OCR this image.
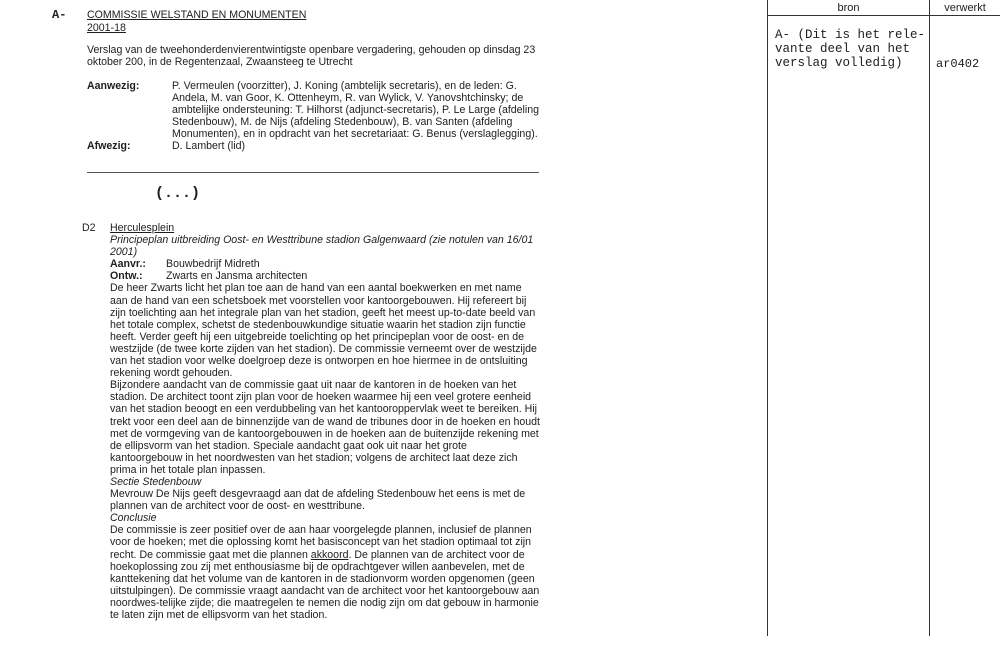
A- COMMISSIE WELSTAND EN MONUMENTEN
2001-18
Verslag van de tweehonderdenvierentwintigste openbare vergadering, gehouden op dinsdag 23 oktober 200, in de Regentenzaal, Zwaansteeg te Utrecht
Aanwezig:	P. Vermeulen (voorzitter), J. Koning (ambtelijk secretaris), en de leden: G. Andela, M. van Goor, K. Ottenheym, R. van Wylick, V. Yanovshtchinsky; de ambtelijke ondersteuning: T. Hilhorst (adjunct-secretaris), P. Le Large (afdeling Stedenbouw), M. de Nijs (afdeling Stedenbouw), B. van Santen (afdeling Monumenten), en in opdracht van het secretariaat: G. Benus (verslaglegging).
Afwezig:	D. Lambert (lid)
(...)
D2 Herculesplein
Principeplan uitbreiding Oost- en Westtribune stadion Galgenwaard (zie notulen van 16/01 2001)
Aanvr.:	Bouwbedrijf Midreth
Ontw.:	Zwarts en Jansma architecten

De heer Zwarts licht het plan toe aan de hand van een aantal boekwerken en met name aan de hand van een schetsboek met voorstellen voor kantoorgebouwen. Hij refereert bij zijn toelichting aan het integrale plan van het stadion, geeft het meest up-to-date beeld van het totale complex, schetst de stedenbouwkundige situatie waarin het stadion zijn functie heeft. Verder geeft hij een uitgebreide toelichting op het principeplan voor de oost- en de westzijde (de twee korte zijden van het stadion). De commissie verneemt over de westzijde van het stadion voor welke doelgroep deze is ontworpen en hoe hiermee in de ontsluiting rekening wordt gehouden.

Bijzondere aandacht van de commissie gaat uit naar de kantoren in de hoeken van het stadion. De architect toont zijn plan voor de hoeken waarmee hij een veel grotere eenheid van het stadion beoogt en een verdubbeling van het kantooroppervlak weet te bereiken. Hij trekt voor een deel aan de binnenzijde van de wand de tribunes door in de hoeken en houdt met de vormgeving van de kantoorgebouwen in de hoeken aan de buitenzijde rekening met de ellipsvorm van het stadion. Speciale aandacht gaat ook uit naar het grote kantoorgebouw in het noordwesten van het stadion; volgens de architect laat deze zich prima in het totale plan inpassen.

Sectie Stedenbouw

Mevrouw De Nijs geeft desgevraagd aan dat de afdeling Stedenbouw het eens is met de plannen van de architect voor de oost- en westtribune.

Conclusie

De commissie is zeer positief over de aan haar voorgelegde plannen, inclusief de plannen voor de hoeken; met die oplossing komt het basisconcept van het stadion optimaal tot zijn recht. De commissie gaat met die plannen akkoord. De plannen van de architect voor de hoekoplossing zou zij met enthousiasme bij de opdrachtgever willen aanbevelen, met de kanttekening dat het volume van de kantoren in de stadionvorm worden opgenomen (geen uitstulpingen). De commissie vraagt aandacht van de architect voor het kantoorgebouw aan noordwes-telijke zijde; die maatregelen te nemen die nodig zijn om dat gebouw in harmonie te laten zijn met de ellipsvorm van het stadion.

bron	verwerkt
A- (Dit is het rele-
vante deel van het
verslag volledig)	ar0402
